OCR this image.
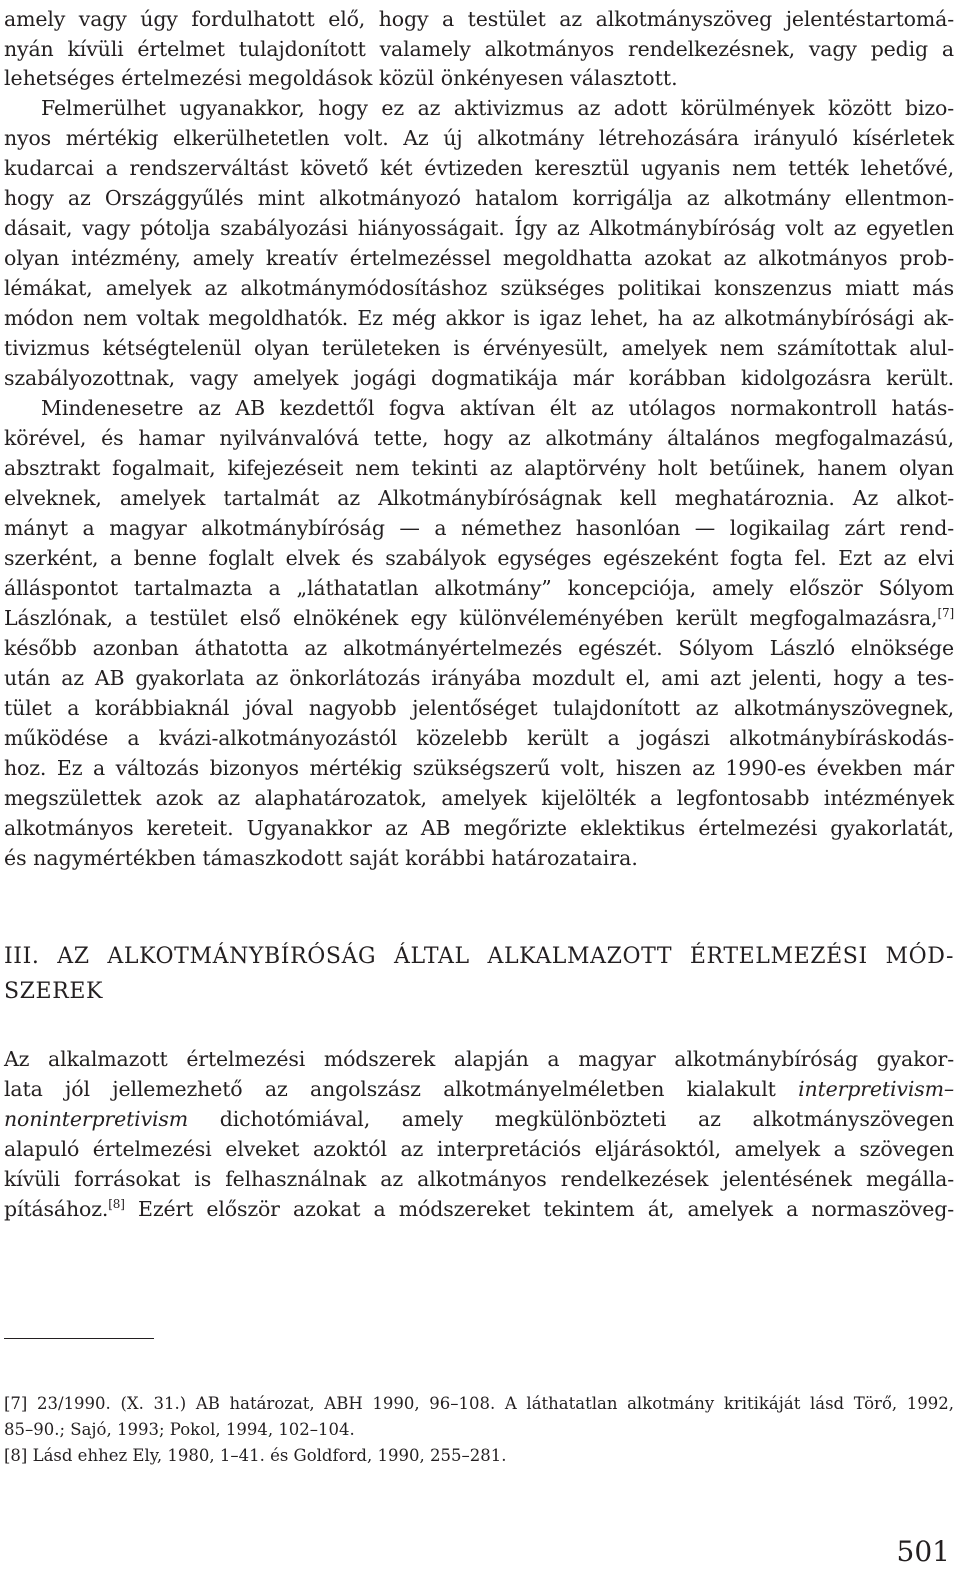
amely vagy úgy fordulhatott elő, hogy a testület az alkotmányszöveg jelentéstartomá-
nyán kívüli értelmet tulajdonított valamely alkotmányos rendelkezésnek, vagy pedig a
lehetséges értelmezési megoldások közül önkényesen választott.
Felmerülhet ugyanakkor, hogy ez az aktivizmus az adott körülmények között bizo-
nyos mértékig elkerülhetetlen volt. Az új alkotmány létrehozására irányuló kísérletek
kudarcai a rendszerváltást követő két évtizeden keresztül ugyanis nem tették lehetővé,
hogy az Országgyűlés mint alkotmányozó hatalom korrigálja az alkotmány ellentmon-
dásait, vagy pótolja szabályozási hiányosságait. Így az Alkotmánybíróság volt az egyetlen
olyan intézmény, amely kreatív értelmezéssel megoldhatta azokat az alkotmányos prob-
lémákat, amelyek az alkotmánymódosításhoz szükséges politikai konszenzus miatt más
módon nem voltak megoldhatók. Ez még akkor is igaz lehet, ha az alkotmánybírósági ak-
tivizmus kétségtelenül olyan területeken is érvényesült, amelyek nem számítottak alul-
szabályozottnak, vagy amelyek jogági dogmatikája már korábban kidolgozásra került.
Mindenesetre az AB kezdettől fogva aktívan élt az utólagos normakontroll hatás-
körével, és hamar nyilvánvalóvá tette, hogy az alkotmány általános megfogalmazású,
absztrakt fogalmait, kifejezéseit nem tekinti az alaptörvény holt betűinek, hanem olyan
elveknek, amelyek tartalmát az Alkotmánybíróságnak kell meghatároznia. Az alkot-
mányt a magyar alkotmánybíróság — a némethez hasonlóan — logikailag zárt rend-
szerként, a benne foglalt elvek és szabályok egységes egészeként fogta fel. Ezt az elvi
álláspontot tartalmazta a „láthatatlan alkotmány” koncepciója, amely először Sólyom
Lászlónak, a testület első elnökének egy különvéleményében került megfogalmazásra,[7]
később azonban áthatotta az alkotmányértelmezés egészét. Sólyom László elnöksége
után az AB gyakorlata az önkorlátozás irányába mozdult el, ami azt jelenti, hogy a tes-
tület a korábbiaknál jóval nagyobb jelentőséget tulajdonított az alkotmányszövegnek,
működése a kvázi-alkotmányozástól közelebb került a jogászi alkotmánybíráskodás-
hoz. Ez a változás bizonyos mértékig szükségszerű volt, hiszen az 1990-es években már
megszülettek azok az alaphatározatok, amelyek kijelölték a legfontosabb intézmények
alkotmányos kereteit. Ugyanakkor az AB megőrizte eklektikus értelmezési gyakorlatát,
és nagymértékben támaszkodott saját korábbi határozataira.
III. AZ ALKOTMÁNYBÍRÓSÁG ÁLTAL ALKALMAZOTT ÉRTELMEZÉSI MÓD-
SZEREK
Az alkalmazott értelmezési módszerek alapján a magyar alkotmánybíróság gyakor-
lata jól jellemezhető az angolszász alkotmányelméletben kialakult interpretivism–
noninterpretivism dichotómiával, amely megkülönbözteti az alkotmányszövegen
alapuló értelmezési elveket azoktól az interpretációs eljárásoktól, amelyek a szövegen
kívüli forrásokat is felhasználnak az alkotmányos rendelkezések jelentésének megálla-
pításához.[8] Ezért először azokat a módszereket tekintem át, amelyek a normaszöveg-
[7] 23/1990. (X. 31.) AB határozat, ABH 1990, 96–108. A láthatatlan alkotmány kritikáját lásd Törő, 1992,
85–90.; Sajó, 1993; Pokol, 1994, 102–104.
[8] Lásd ehhez Ely, 1980, 1–41. és Goldford, 1990, 255–281.
501
